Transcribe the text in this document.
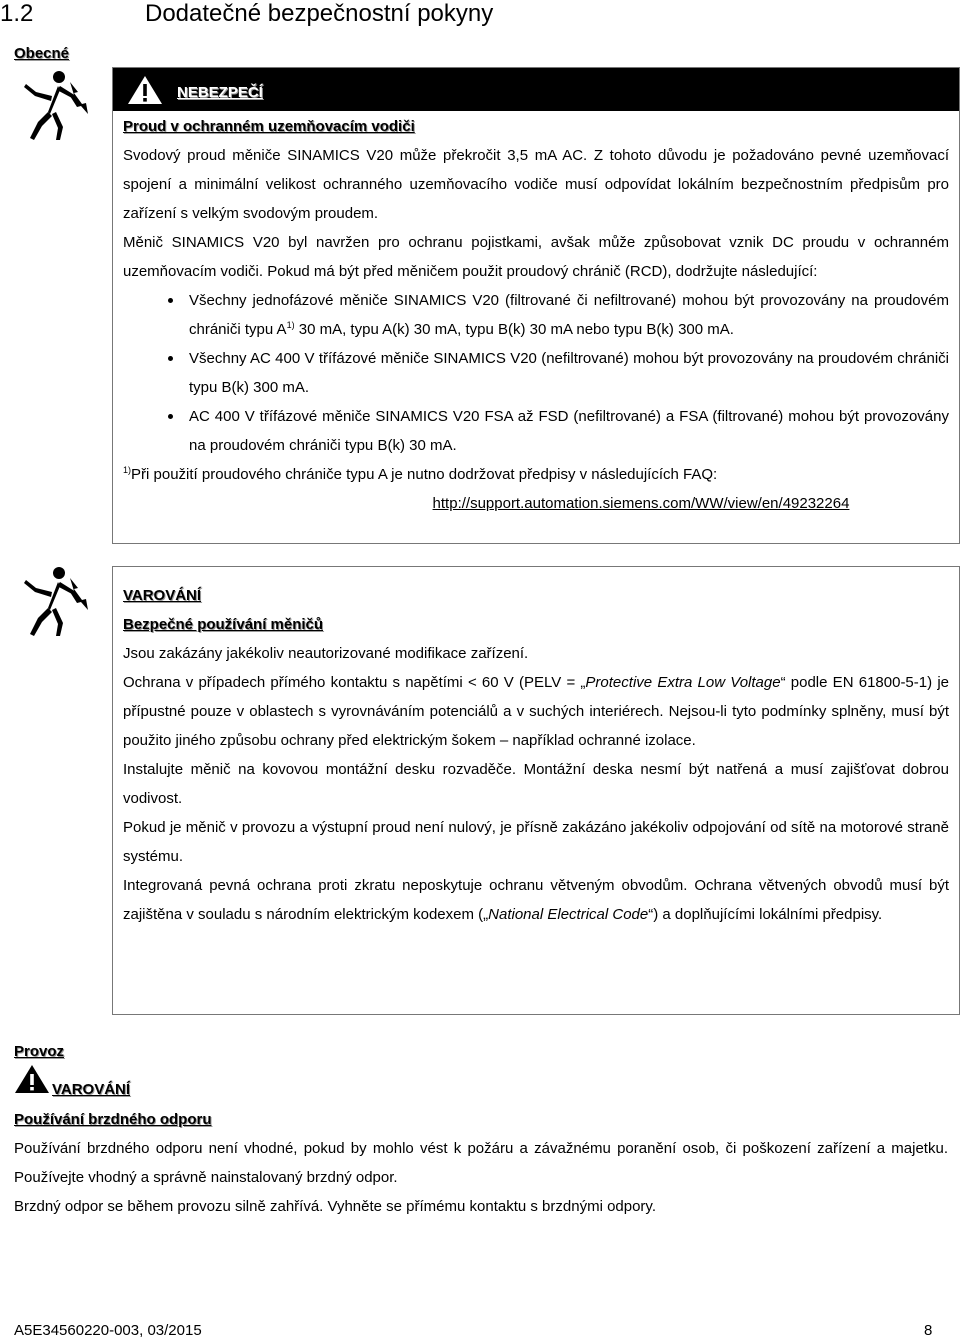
1.2	Dodatečné bezpečnostní pokyny
Obecné
NEBEZPEČÍ
Proud v ochranném uzemňovacím vodiči

Svodový proud měniče SINAMICS V20 může překročit 3,5 mA AC. Z tohoto důvodu je požadováno pevné uzemňovací spojení a minimální velikost ochranného uzemňovacího vodiče musí odpovídat lokálním bezpečnostním předpisům pro zařízení s velkým svodovým proudem.

Měnič SINAMICS V20 byl navržen pro ochranu pojistkami, avšak může způsobovat vznik DC proudu v ochranném uzemňovacím vodiči. Pokud má být před měničem použit proudový chránič (RCD), dodržujte následující:

Všechny jednofázové měniče SINAMICS V20 (filtrované či nefiltrované) mohou být provozovány na proudovém chrániči typu $A^{1)}$ 30 mA, typu A(k) 30 mA, typu B(k) 30 mA nebo typu B(k) 300 mA.
Všechny AC 400 V třífázové měniče SINAMICS V20 (nefiltrované) mohou být provozovány na proudovém chrániči typu B(k) 300 mA.
AC 400 V třífázové měniče SINAMICS V20 FSA až FSD (nefiltrované) a FSA (filtrované) mohou být provozovány na proudovém chrániči typu B(k) 30 mA.

$^{1)}$Při použití proudového chrániče typu A je nutno dodržovat předpisy v následujících FAQ:

http://support.automation.siemens.com/WW/view/en/49232264

VAROVÁNÍ
Bezpečné používání měničů

Jsou zakázány jakékoliv neautorizované modifikace zařízení.

Ochrana v případech přímého kontaktu s napětími < 60 V (PELV = „Protective Extra Low Voltage“ podle EN 61800-5-1) je přípustné pouze v oblastech s vyrovnáváním potenciálů a v suchých interiérech. Nejsou-li tyto podmínky splněny, musí být použito jiného způsobu ochrany před elektrickým šokem – například ochranné izolace.

Instalujte měnič na kovovou montážní desku rozvaděče. Montážní deska nesmí být natřená a musí zajišťovat dobrou vodivost.

Pokud je měnič v provozu a výstupní proud není nulový, je přísně zakázáno jakékoliv odpojování od sítě na motorové straně systému.

Integrovaná pevná ochrana proti zkratu neposkytuje ochranu větveným obvodům. Ochrana větvených obvodů musí být zajištěna v souladu s národním elektrickým kodexem („National Electrical Code“) a doplňujícími lokálními předpisy.

Provoz
VAROVÁNÍ
Používání brzdného odporu

Používání brzdného odporu není vhodné, pokud by mohlo vést k požáru a závažnému poranění osob, či poškození zařízení a majetku. Používejte vhodný a správně nainstalovaný brzdný odpor.

Brzdný odpor se během provozu silně zahřívá. Vyhněte se přímému kontaktu s brzdnými odpory.

A5E34560220-003, 03/2015	8
